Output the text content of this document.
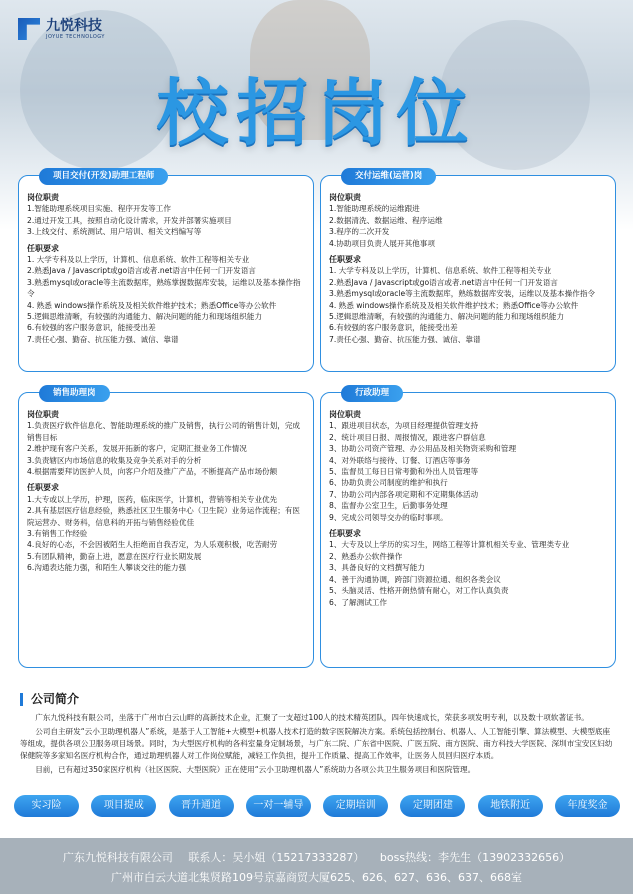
九悦科技
JOYUE TECHNOLOGY
校招岗位
项目交付(开发)助理工程师

岗位职责

1.智能助理系统项目实施、程序开发等工作

2.通过开发工具，按照自动化设计需求，开发并部署实施项目

3.上线交付、系统测试、用户培训、相关文档编写等

任职要求

1. 大学专科及以上学历，计算机、信息系统、软件工程等相关专业

2.熟悉Java / Javascript或go语言或者.net语言中任何一门开发语言

3.熟悉mysql或oracle等主流数据库，熟练掌握数据库安装，运维以及基本操作指令

4. 熟悉 windows操作系统及及相关软件维护技术；熟悉Office等办公软件

5.逻辑思维清晰，有较强的沟通能力、解决问题的能力和现场组织能力

6.有较强的客户服务意识，能接受出差

7.责任心强、勤奋、抗压能力强、诚信、靠谱

交付运维(运营)岗

岗位职责

1.智能助理系统的运维跟进

2.数据清洗、数据运维、程序运维

3.程序的二次开发

4.协助项目负责人展开其他事项

任职要求

1. 大学专科及以上学历，计算机、信息系统、软件工程等相关专业

2.熟悉Java / Javascript或go语言或者.net语言中任何一门开发语言

3.熟悉mysql或oracle等主流数据库，熟练数据库安装，运维以及基本操作指令

4. 熟悉 windows操作系统及及相关软件维护技术；熟悉Office等办公软件

5.逻辑思维清晰，有较强的沟通能力、解决问题的能力和现场组织能力

6.有较强的客户服务意识，能接受出差

7.责任心强、勤奋、抗压能力强、诚信、靠谱

销售助理岗

岗位职责

1.负责医疗软件信息化、智能助理系统的推广及销售，执行公司的销售计划，完成销售目标

2.维护现有客户关系，发展开拓新的客户，定期汇报业务工作情况

3.负责辖区内市场信息的收集及竞争关系对手的分析

4.根据需要拜访医护人员，向客户介绍及推广产品，不断提高产品市场份额

任职要求

1.大专或以上学历，护理，医药，临床医学，计算机，营销等相关专业优先

2.具有基层医疗信息经验，熟悉社区卫生服务中心（卫生院）业务运作流程；有医院运营办、财务科，信息科的开拓与销售经验优佳

3.有销售工作经验

4.良好的心态，不会因被陌生人拒绝而自我否定，为人乐观积极，吃苦耐劳

5.有团队精神，勤奋上进，愿意在医疗行业长期发展

6.沟通表达能力强，和陌生人攀谈交往的能力强

行政助理

岗位职责

1、跟进项目状态，为项目经理提供管理支持

2、统计项目日报、周报情况，跟进客户群信息

3、协助公司资产管理、办公用品及相关物资采购和管理

4、对外联络与接待、订餐、订酒店等事务

5、监督员工每日日常考勤和外出人员管理等

6、协助负责公司制度的维护和执行

7、协助公司内部各项定期和不定期集体活动

8、监督办公室卫生，后勤事务处理

9、完成公司领导交办的临时事项。

任职要求

1、大专及以上学历的实习生，网络工程等计算机相关专业、管理类专业

2、熟悉办公软件操作

3、具备良好的文档撰写能力

4、善于沟通协调，跨部门资源拉通、组织各类会议

5、头脑灵活、性格开朗热情有耐心，对工作认真负责

6、了解测试工作

公司简介

广东九悦科技有限公司，坐落于广州市白云山畔的高新技术企业，汇聚了一支超过100人的技术精英团队，四年快速成长，荣获多项发明专利，以及数十项软著证书。

公司自主研发“云小卫助理机器人”系统，是基于人工智能+大模型+机器人技术打造的数字医院解决方案。系统包括控制台、机器人、人工智能引擎、算法模型、大模型底座等组成，提供各项公卫服务项目场景。同时，为大型医疗机构的各科室量身定制场景，与广东二院、广东省中医院、广医五院、南方医院、南方科技大学医院、深圳市宝安区妇幼保健院等多家知名医疗机构合作，通过助理机器人对工作岗位赋能，减轻工作负担，提升工作质量、提高工作效率，让医务人员回归医疗本质。

目前，已有超过350家医疗机构（社区医院、大型医院）正在使用“云小卫助理机器人”系统助力各项公共卫生服务项目和医院管理。

实习险	项目提成	晋升通道	一对一辅导	定期培训	定期团建	地铁附近	年度奖金
广东九悦科技有限公司 联系人：吴小姐（15217333287） boss热线：李先生（13902332656）
广州市白云大道北集贤路109号京嘉商贸大厦625、626、627、636、637、668室
